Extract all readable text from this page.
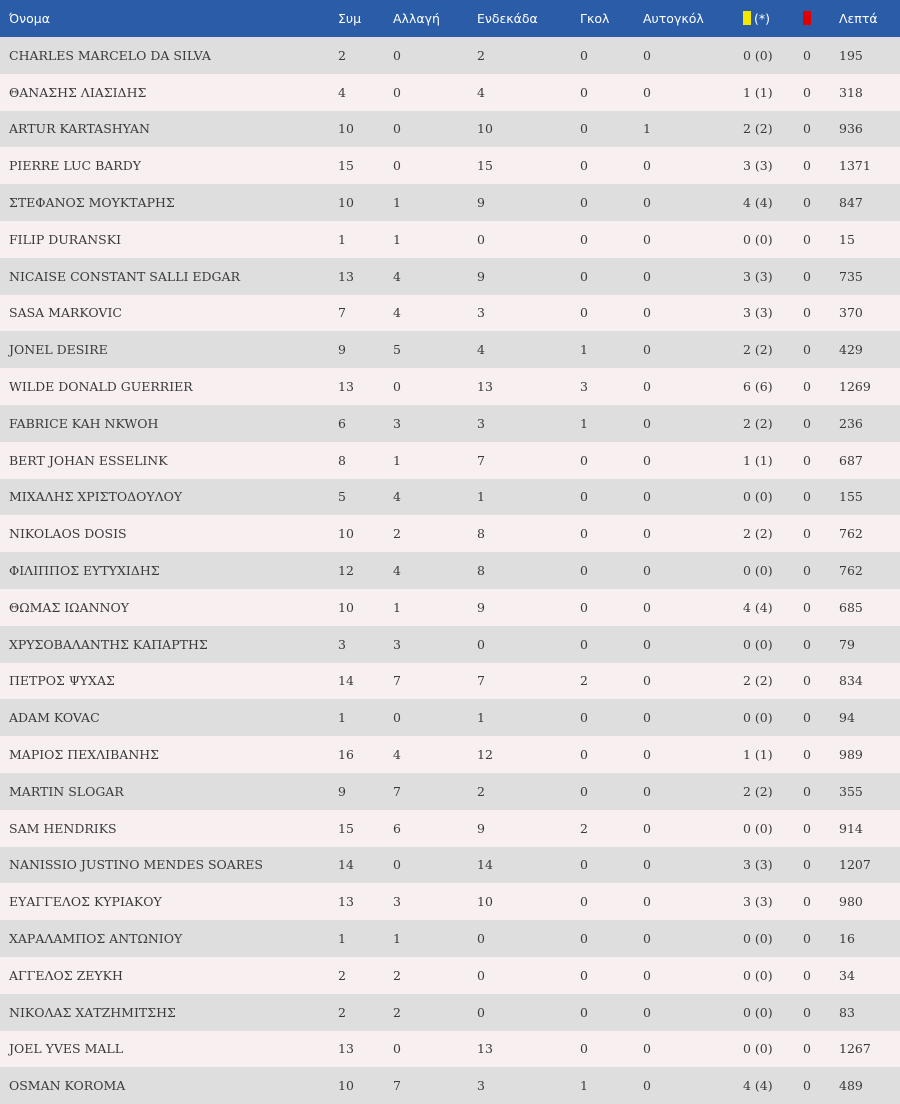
Όνομα	Συμ	Αλλαγή	Ενδεκάδα	Γκολ	Αυτογκόλ	(*)		Λεπτά
CHARLES MARCELO DA SILVA	2	0	2	0	0	0 (0)	0	195
ΘΑΝΑΣΗΣ ΛΙΑΣΙΔΗΣ	4	0	4	0	0	1 (1)	0	318
ARTUR KARTASHYAN	10	0	10	0	1	2 (2)	0	936
PIERRE LUC BARDY	15	0	15	0	0	3 (3)	0	1371
ΣΤΕΦΑΝΟΣ ΜΟΥΚΤΑΡΗΣ	10	1	9	0	0	4 (4)	0	847
FILIP DURANSKI	1	1	0	0	0	0 (0)	0	15
NICAISE CONSTANT SALLI EDGAR	13	4	9	0	0	3 (3)	0	735
SASA MARKOVIC	7	4	3	0	0	3 (3)	0	370
JONEL DESIRE	9	5	4	1	0	2 (2)	0	429
WILDE DONALD GUERRIER	13	0	13	3	0	6 (6)	0	1269
FABRICE KAH NKWOH	6	3	3	1	0	2 (2)	0	236
BERT JOHAN ESSELINK	8	1	7	0	0	1 (1)	0	687
ΜΙΧΑΛΗΣ ΧΡΙΣΤΟΔΟΥΛΟΥ	5	4	1	0	0	0 (0)	0	155
NIKOLAOS DOSIS	10	2	8	0	0	2 (2)	0	762
ΦΙΛΙΠΠΟΣ ΕΥΤΥΧΙΔΗΣ	12	4	8	0	0	0 (0)	0	762
ΘΩΜΑΣ ΙΩΑΝΝΟΥ	10	1	9	0	0	4 (4)	0	685
ΧΡΥΣΟΒΑΛΑΝΤΗΣ ΚΑΠΑΡΤΗΣ	3	3	0	0	0	0 (0)	0	79
ΠΕΤΡΟΣ ΨΥΧΑΣ	14	7	7	2	0	2 (2)	0	834
ADAM KOVAC	1	0	1	0	0	0 (0)	0	94
ΜΑΡΙΟΣ ΠΕΧΛΙΒΑΝΗΣ	16	4	12	0	0	1 (1)	0	989
MARTIN SLOGAR	9	7	2	0	0	2 (2)	0	355
SAM HENDRIKS	15	6	9	2	0	0 (0)	0	914
NANISSIO JUSTINO MENDES SOARES	14	0	14	0	0	3 (3)	0	1207
ΕΥΑΓΓΕΛΟΣ ΚΥΡΙΑΚΟΥ	13	3	10	0	0	3 (3)	0	980
ΧΑΡΑΛΑΜΠΟΣ ΑΝΤΩΝΙΟΥ	1	1	0	0	0	0 (0)	0	16
ΑΓΓΕΛΟΣ ΖΕΥΚΗ	2	2	0	0	0	0 (0)	0	34
ΝΙΚΟΛΑΣ ΧΑΤΖΗΜΙΤΣΗΣ	2	2	0	0	0	0 (0)	0	83
JOEL YVES MALL	13	0	13	0	0	0 (0)	0	1267
OSMAN KOROMA	10	7	3	1	0	4 (4)	0	489
